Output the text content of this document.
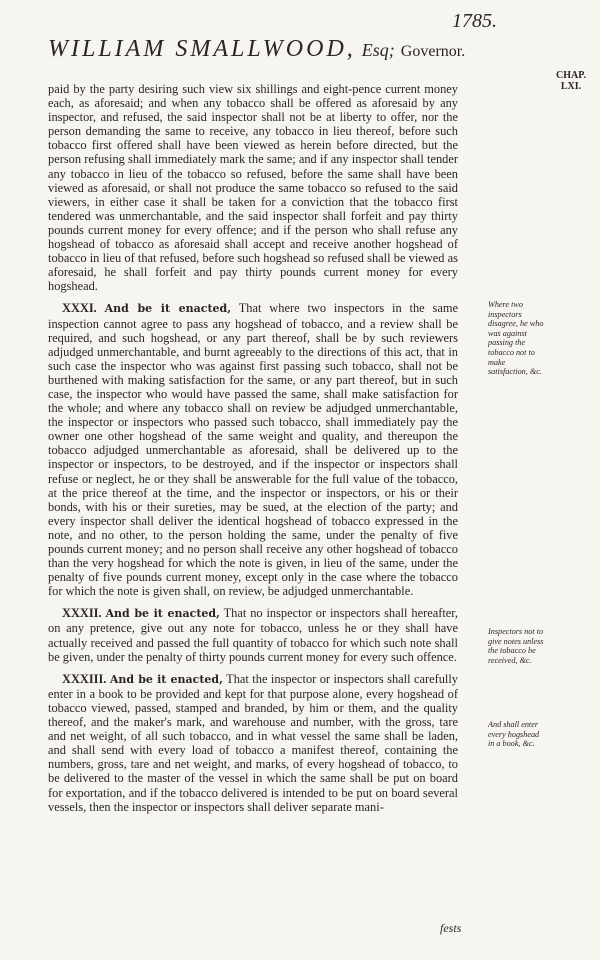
WILLIAM SMALLWOOD, Esq; Governor.
1785.
CHAP.
LXI.

paid by the party desiring such view six shillings and eight-pence current money each, as aforesaid; and when any tobacco shall be offered as aforesaid by any inspector, and refused, the said inspector shall not be at liberty to offer, nor the person demanding the same to receive, any tobacco in lieu thereof, before such tobacco first offered shall have been viewed as herein before directed, but the person refusing shall immediately mark the same; and if any inspector shall tender any tobacco in lieu of the tobacco so refused, before the same shall have been viewed as aforesaid, or shall not produce the same tobacco so refused to the said viewers, in either case it shall be taken for a conviction that the tobacco first tendered was unmerchantable, and the said inspector shall forfeit and pay thirty pounds current money for every offence; and if the person who shall refuse any hogshead of tobacco as aforesaid shall accept and receive another hogshead of tobacco in lieu of that refused, before such hogshead so refused shall be viewed as aforesaid, he shall forfeit and pay thirty pounds current money for every hogshead.

XXXI. And be it enacted, That where two inspectors in the same inspection cannot agree to pass any hogshead of tobacco, and a review shall be required, and such hogshead, or any part thereof, shall be by such reviewers adjudged unmerchantable, and burnt agreeably to the directions of this act, that in such case the inspector who was against first passing such tobacco, shall not be burthened with making satisfaction for the same, or any part thereof, but in such case, the inspector who would have passed the same, shall make satisfaction for the whole; and where any tobacco shall on review be adjudged unmerchantable, the inspector or inspectors who passed such tobacco, shall immediately pay the owner one other hogshead of the same weight and quality, and thereupon the tobacco adjudged unmerchantable as aforesaid, shall be delivered up to the inspector or inspectors, to be destroyed, and if the inspector or inspectors shall refuse or neglect, he or they shall be answerable for the full value of the tobacco, at the price thereof at the time, and the inspector or inspectors, or his or their bonds, with his or their sureties, may be sued, at the election of the party; and every inspector shall deliver the identical hogshead of tobacco expressed in the note, and no other, to the person holding the same, under the penalty of five pounds current money; and no person shall receive any other hogshead of tobacco than the very hogshead for which the note is given, in lieu of the same, under the penalty of five pounds current money, except only in the case where the tobacco for which the note is given shall, on review, be adjudged unmerchantable.

XXXII. And be it enacted, That no inspector or inspectors shall hereafter, on any pretence, give out any note for tobacco, unless he or they shall have actually received and passed the full quantity of tobacco for which such note shall be given, under the penalty of thirty pounds current money for every such offence.

XXXIII. And be it enacted, That the inspector or inspectors shall carefully enter in a book to be provided and kept for that purpose alone, every hogshead of tobacco viewed, passed, stamped and branded, by him or them, and the quality thereof, and the maker's mark, and warehouse and number, with the gross, tare and net weight, of all such tobacco, and in what vessel the same shall be laden, and shall send with every load of tobacco a manifest thereof, containing the numbers, gross, tare and net weight, and marks, of every hogshead of tobacco, to be delivered to the master of the vessel in which the same shall be put on board for exportation, and if the tobacco delivered is intended to be put on board several vessels, then the inspector or inspectors shall deliver separate mani-

Where two inspectors disagree, he who was against passing the tobacco not to make satisfaction, &c.
Inspectors not to give notes unless the tobacco be received, &c.
And shall enter every hogshead in a book, &c.
fests
